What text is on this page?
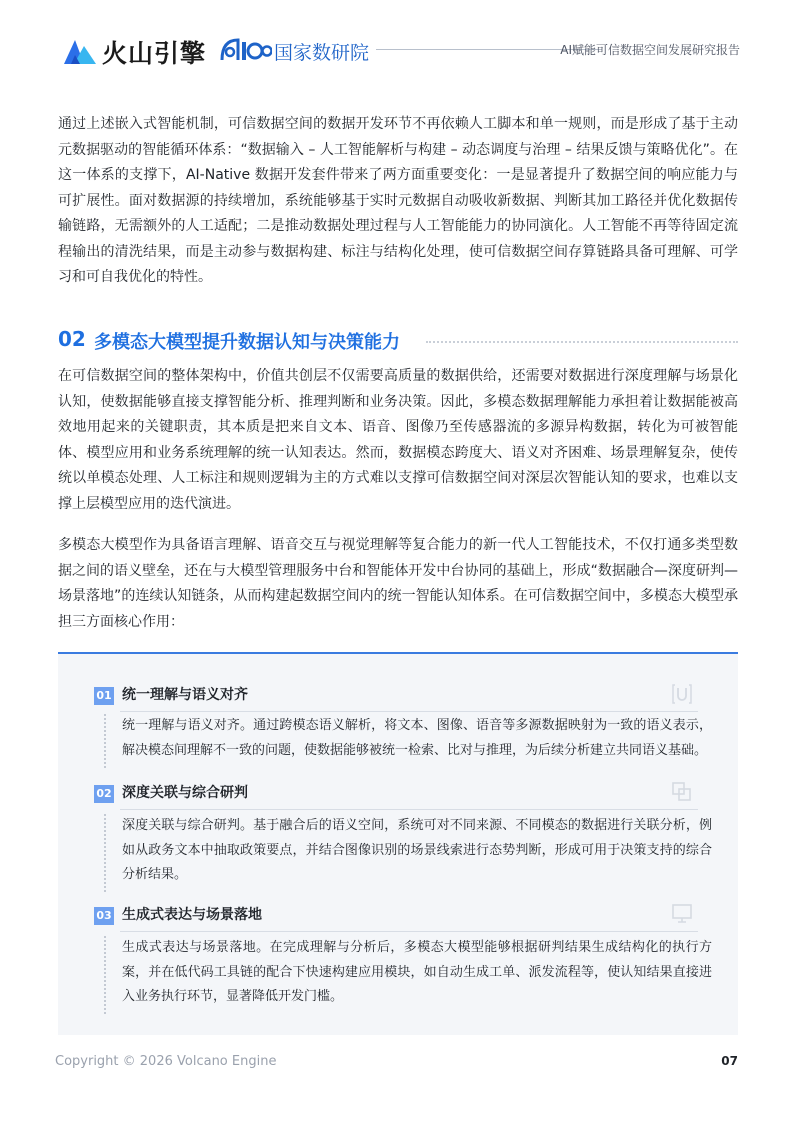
火山引擎	国家数研院	AI赋能可信数据空间发展研究报告

通过上述嵌入式智能机制，可信数据空间的数据开发环节不再依赖人工脚本和单一规则，而是形成了基于主动元数据驱动的智能循环体系：“数据输入 – 人工智能解析与构建 – 动态调度与治理 – 结果反馈与策略优化”。在这一体系的支撑下，AI-Native 数据开发套件带来了两方面重要变化：一是显著提升了数据空间的响应能力与可扩展性。面对数据源的持续增加，系统能够基于实时元数据自动吸收新数据、判断其加工路径并优化数据传输链路，无需额外的人工适配；二是推动数据处理过程与人工智能能力的协同演化。人工智能不再等待固定流程输出的清洗结果，而是主动参与数据构建、标注与结构化处理，使可信数据空间存算链路具备可理解、可学习和可自我优化的特性。

02 多模态大模型提升数据认知与决策能力

在可信数据空间的整体架构中，价值共创层不仅需要高质量的数据供给，还需要对数据进行深度理解与场景化认知，使数据能够直接支撑智能分析、推理判断和业务决策。因此，多模态数据理解能力承担着让数据能被高效地用起来的关键职责，其本质是把来自文本、语音、图像乃至传感器流的多源异构数据，转化为可被智能体、模型应用和业务系统理解的统一认知表达。然而，数据模态跨度大、语义对齐困难、场景理解复杂，使传统以单模态处理、人工标注和规则逻辑为主的方式难以支撑可信数据空间对深层次智能认知的要求，也难以支撑上层模型应用的迭代演进。

多模态大模型作为具备语言理解、语音交互与视觉理解等复合能力的新一代人工智能技术，不仅打通多类型数据之间的语义壁垒，还在与大模型管理服务中台和智能体开发中台协同的基础上，形成“数据融合—深度研判—场景落地”的连续认知链条，从而构建起数据空间内的统一智能认知体系。在可信数据空间中，多模态大模型承担三方面核心作用：

01 统一理解与语义对齐

统一理解与语义对齐。通过跨模态语义解析，将文本、图像、语音等多源数据映射为一致的语义表示，解决模态间理解不一致的问题，使数据能够被统一检索、比对与推理，为后续分析建立共同语义基础。

02 深度关联与综合研判

深度关联与综合研判。基于融合后的语义空间，系统可对不同来源、不同模态的数据进行关联分析，例如从政务文本中抽取政策要点，并结合图像识别的场景线索进行态势判断，形成可用于决策支持的综合分析结果。

03 生成式表达与场景落地

生成式表达与场景落地。在完成理解与分析后，多模态大模型能够根据研判结果生成结构化的执行方案，并在低代码工具链的配合下快速构建应用模块，如自动生成工单、派发流程等，使认知结果直接进入业务执行环节，显著降低开发门槛。

Copyright © 2026 Volcano Engine	07
